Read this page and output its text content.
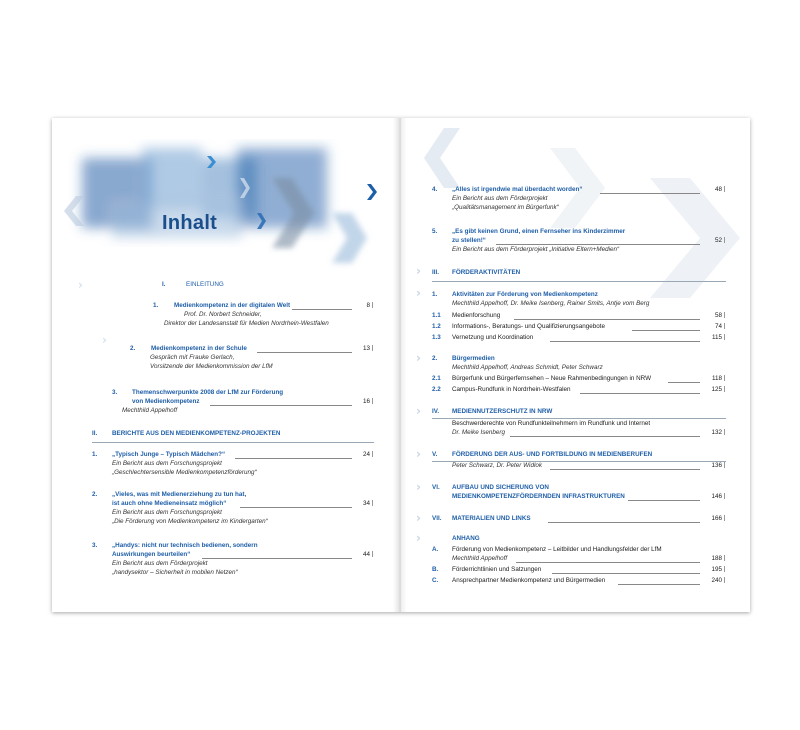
Inhalt
›	I.	EINLEITUNG
1. Medienkompetenz in der digitalen Welt	8
Prof. Dr. Norbert Schneider,
Direktor der Landesanstalt für Medien Nordrhein-Westfalen
›
2. Medienkompetenz in der Schule	13
Gespräch mit Frauke Gerlach,
Vorsitzende der Medienkommission der LfM
3. Themenschwerpunkte 2008 der LfM zur Förderung
von Medienkompetenz	16
Mechthild Appelhoff
II. BERICHTE AUS DEN MEDIENKOMPETENZ-PROJEKTEN
1. „Typisch Junge – Typisch Mädchen?“	24
Ein Bericht aus dem Forschungsprojekt
„Geschlechtersensible Medienkompetenzförderung“
2. „Vieles, was mit Medienerziehung zu tun hat,
ist auch ohne Medieneinsatz möglich“	34
Ein Bericht aus dem Forschungsprojekt
„Die Förderung von Medienkompetenz im Kindergarten“
3. „Handys: nicht nur technisch bedienen, sondern
Auswirkungen beurteilen“	44
Ein Bericht aus dem Förderprojekt
„handysektor – Sicherheit in mobilen Netzen“
4. „Alles ist irgendwie mal überdacht worden“	48
Ein Bericht aus dem Förderprojekt
„Qualitätsmanagement im Bürgerfunk“
5. „Es gibt keinen Grund, einen Fernseher ins Kinderzimmer
zu stellen!“	52
Ein Bericht aus dem Förderprojekt „Initiative Eltern+Medien“
› III. FÖRDERAKTIVITÄTEN
› 1. Aktivitäten zur Förderung von Medienkompetenz
Mechthild Appelhoff, Dr. Meike Isenberg, Rainer Smits, Antje vom Berg
1.1 Medienforschung	58
1.2 Informations-, Beratungs- und Qualifizierungsangebote	74
1.3 Vernetzung und Koordination	115
› 2. Bürgermedien
Mechthild Appelhoff, Andreas Schmidt, Peter Schwarz
2.1 Bürgerfunk und Bürgerfernsehen – Neue Rahmenbedingungen in NRW	118
2.2 Campus-Rundfunk in Nordrhein-Westfalen	125
› IV. MEDIENNUTZERSCHUTZ IN NRW
Beschwerderechte von Rundfunkteilnehmern im Rundfunk und Internet
Dr. Meike Isenberg	132
› V. FÖRDERUNG DER AUS- UND FORTBILDUNG IN MEDIENBERUFEN
Peter Schwarz, Dr. Peter Widlok	136
› VI. AUFBAU UND SICHERUNG VON
MEDIENKOMPETENZFÖRDERNDEN INFRASTRUKTUREN	146
› VII. MATERIALIEN UND LINKS	166
›	ANHANG
A. Förderung von Medienkompetenz – Leitbilder und Handlungsfelder der LfM
Mechthild Appelhoff	188
B. Förderrichtlinien und Satzungen	195
C. Ansprechpartner Medienkompetenz und Bürgermedien	240
